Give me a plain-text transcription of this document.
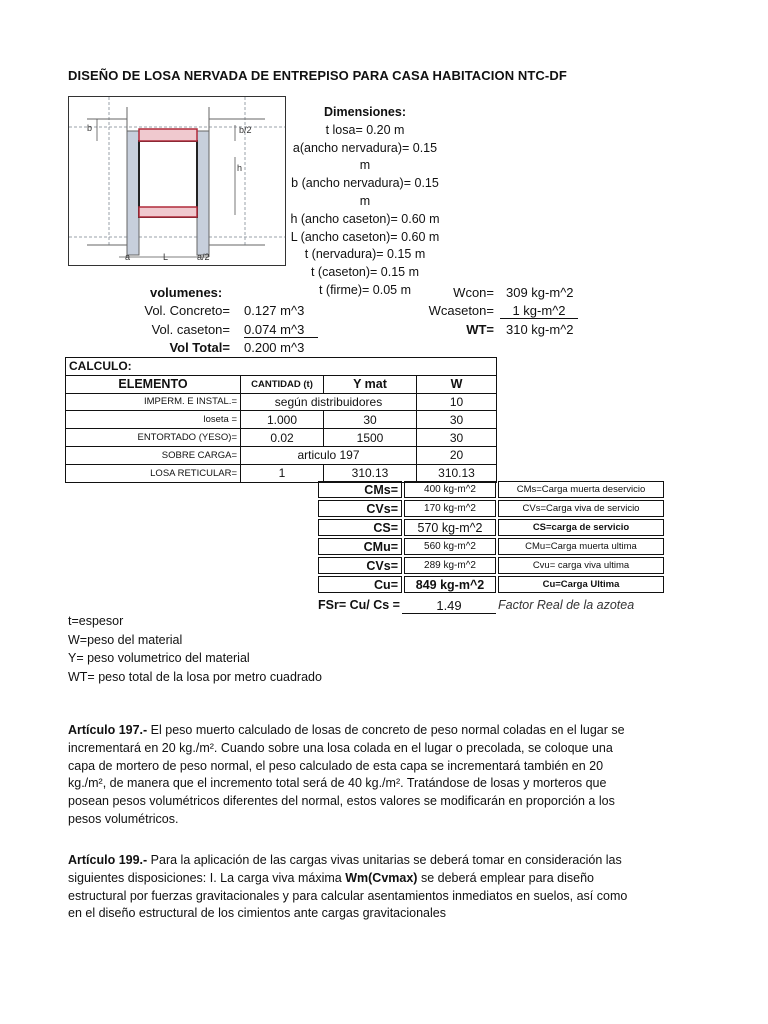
DISEÑO DE LOSA NERVADA DE ENTREPISO PARA CASA HABITACION NTC-DF
b	b/2
h
a	L	a/2
Dimensiones:
t losa= 0.20 m
a(ancho nervadura)= 0.15 m
b (ancho nervadura)= 0.15 m
h (ancho caseton)= 0.60 m
L (ancho caseton)= 0.60 m
t (nervadura)= 0.15 m
t (caseton)= 0.15 m
t (firme)= 0.05 m
volumenes:
Vol. Concreto= 0.127 m^3
Vol. caseton= 0.074 m^3
Vol Total= 0.200 m^3
Wcon= 309 kg-m^2
Wcaseton=	1 kg-m^2
WT= 310 kg-m^2
CALCULO:			
ELEMENTO	CANTIDAD (t)	Y mat	W
IMPERM. E INSTAL.=	según distribuidores		10
loseta =	1.000	30	30
ENTORTADO (YESO)=	0.02	1500	30
SOBRE CARGA=	articulo 197		20
LOSA RETICULAR=	1	310.13	310.13
CMs=	400 kg-m^2	CMs=Carga muerta deservicio
CVs=	170 kg-m^2	CVs=Carga viva de servicio
CS=	570 kg-m^2	CS=carga de servicio
CMu=	560 kg-m^2	CMu=Carga muerta ultima
CVs=	289 kg-m^2	Cvu= carga viva ultima
Cu=	849 kg-m^2	Cu=Carga Ultima
FSr= Cu/ Cs =	1.49	Factor Real de la azotea
t=espesor
W=peso del material
Y= peso volumetrico del material
WT= peso total de la losa por metro cuadrado
Artículo 197.- El peso muerto calculado de losas de concreto de peso normal coladas en el lugar se incrementará en 20 kg./m². Cuando sobre una losa colada en el lugar o precolada, se coloque una capa de mortero de peso normal, el peso calculado de esta capa se incrementará también en 20 kg./m², de manera que el incremento total será de 40 kg./m². Tratándose de losas y morteros que posean pesos volumétricos diferentes del normal, estos valores se modificarán en proporción a los pesos volumétricos.
Artículo 199.- Para la aplicación de las cargas vivas unitarias se deberá tomar en consideración las siguientes disposiciones: I. La carga viva máxima Wm(Cvmax) se deberá emplear para diseño estructural por fuerzas gravitacionales y para calcular asentamientos inmediatos en suelos, así como en el diseño estructural de los cimientos ante cargas gravitacionales
